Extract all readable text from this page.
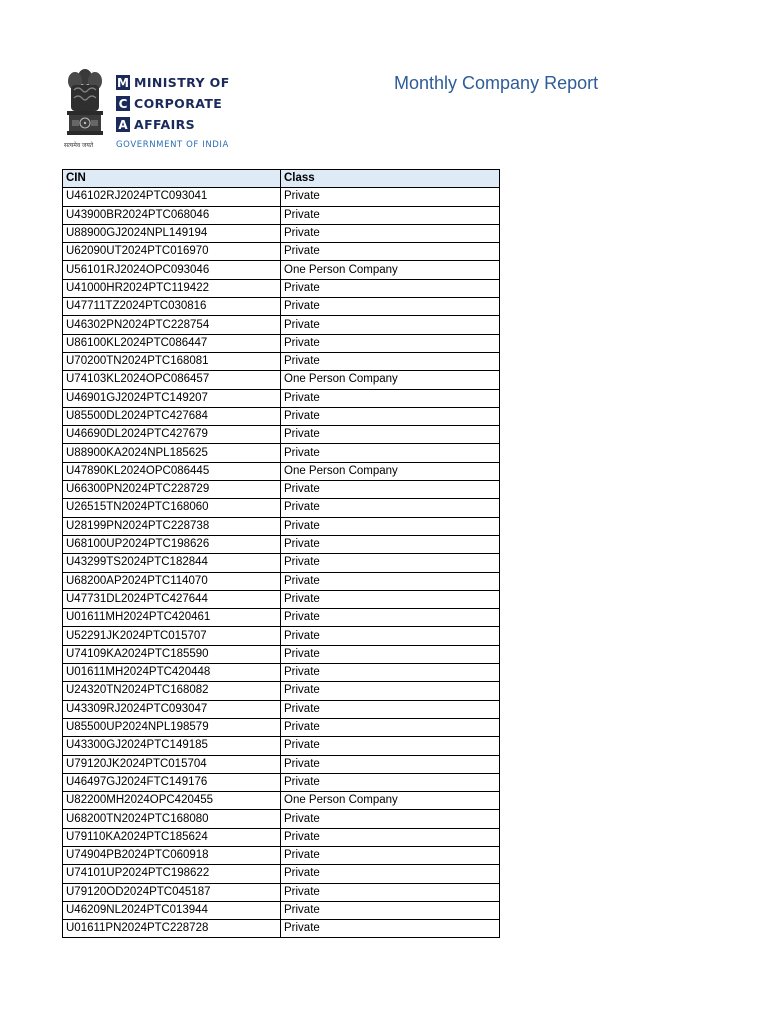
सत्यमेव जयते
M MINISTRY OF
C CORPORATE
A AFFAIRS
GOVERNMENT OF INDIA
Monthly Company Report
CIN	Class
U46102RJ2024PTC093041	Private
U43900BR2024PTC068046	Private
U88900GJ2024NPL149194	Private
U62090UT2024PTC016970	Private
U56101RJ2024OPC093046	One Person Company
U41000HR2024PTC119422	Private
U47711TZ2024PTC030816	Private
U46302PN2024PTC228754	Private
U86100KL2024PTC086447	Private
U70200TN2024PTC168081	Private
U74103KL2024OPC086457	One Person Company
U46901GJ2024PTC149207	Private
U85500DL2024PTC427684	Private
U46690DL2024PTC427679	Private
U88900KA2024NPL185625	Private
U47890KL2024OPC086445	One Person Company
U66300PN2024PTC228729	Private
U26515TN2024PTC168060	Private
U28199PN2024PTC228738	Private
U68100UP2024PTC198626	Private
U43299TS2024PTC182844	Private
U68200AP2024PTC114070	Private
U47731DL2024PTC427644	Private
U01611MH2024PTC420461	Private
U52291JK2024PTC015707	Private
U74109KA2024PTC185590	Private
U01611MH2024PTC420448	Private
U24320TN2024PTC168082	Private
U43309RJ2024PTC093047	Private
U85500UP2024NPL198579	Private
U43300GJ2024PTC149185	Private
U79120JK2024PTC015704	Private
U46497GJ2024FTC149176	Private
U82200MH2024OPC420455	One Person Company
U68200TN2024PTC168080	Private
U79110KA2024PTC185624	Private
U74904PB2024PTC060918	Private
U74101UP2024PTC198622	Private
U79120OD2024PTC045187	Private
U46209NL2024PTC013944	Private
U01611PN2024PTC228728	Private
